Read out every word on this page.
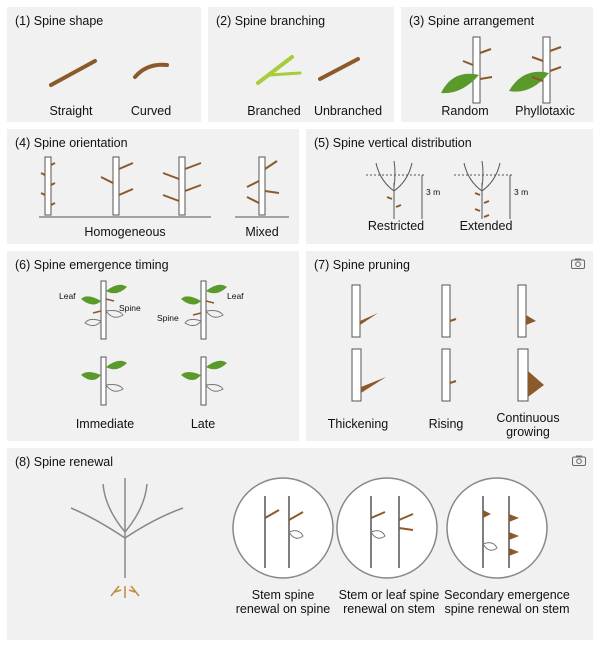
(1) Spine shape
Straight	Curved
(2) Spine branching
Branched Unbranched
(3) Spine arrangement
Random Phyllotaxic
(4) Spine orientation
Homogeneous	Mixed
(5) Spine vertical distribution
3 m	3 m
Restricted	Extended
(6) Spine emergence timing
Leaf
Spine
Leaf
Spine
Immediate	Late
(7) Spine pruning
Thickening	Rising	Continuous growing
(8) Spine renewal
Stem spine renewal on spine
Stem or leaf spine renewal on stem
Secondary emergence spine renewal on stem
